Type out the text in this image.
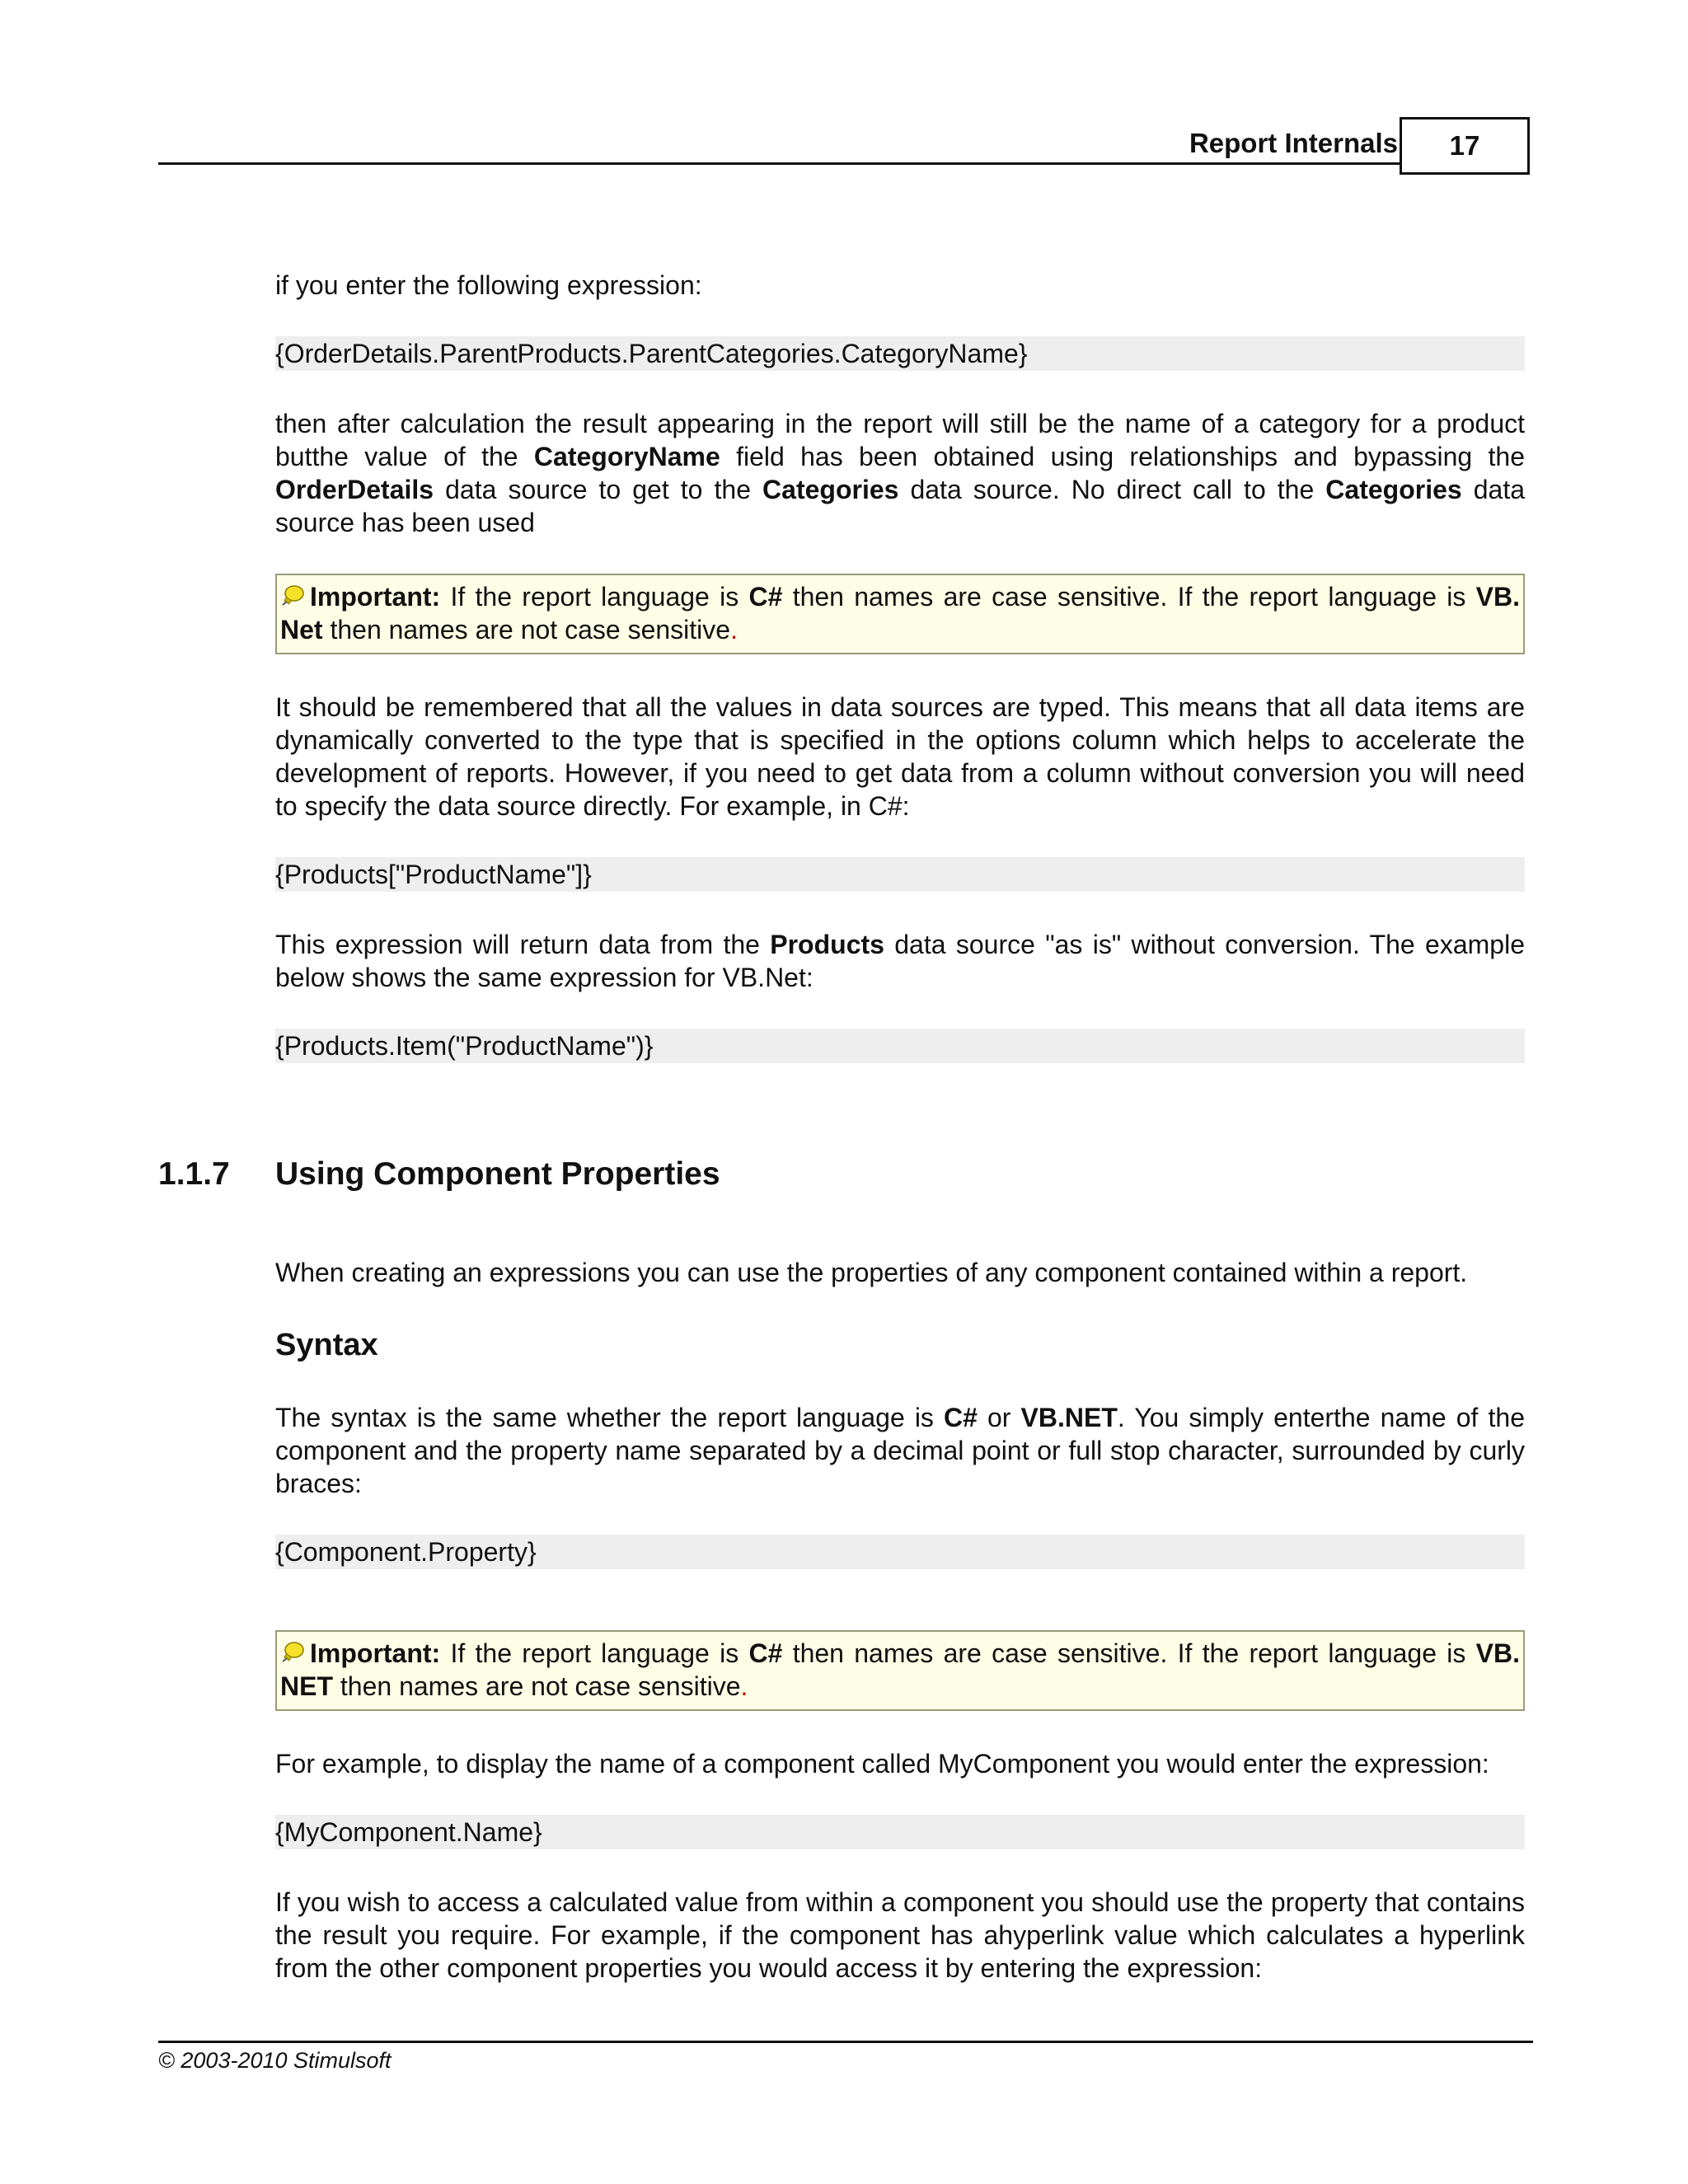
Report Internals	17

if you enter the following expression:

{OrderDetails.ParentProducts.ParentCategories.CategoryName}

then after calculation the result appearing in the report will still be the name of a category for a product butthe value of the CategoryName field has been obtained using relationships and bypassing the OrderDetails data source to get to the Categories data source. No direct call to the Categories data source has been used

Important: If the report language is C# then names are case sensitive. If the report language is VB. Net then names are not case sensitive.

It should be remembered that all the values in data sources are typed. This means that all data items are dynamically converted to the type that is specified in the options column which helps to accelerate the development of reports. However, if you need to get data from a column without conversion you will need to specify the data source directly. For example, in C#:

{Products["ProductName"]}

This expression will return data from the Products data source "as is" without conversion. The example below shows the same expression for VB.Net:

{Products.Item("ProductName")}
1.1.7 Using Component Properties

When creating an expressions you can use the properties of any component contained within a report.

Syntax

The syntax is the same whether the report language is C# or VB.NET. You simply enterthe name of the component and the property name separated by a decimal point or full stop character, surrounded by curly braces:

{Component.Property}
Important: If the report language is C# then names are case sensitive. If the report language is VB. NET then names are not case sensitive.

For example, to display the name of a component called MyComponent you would enter the expression:

{MyComponent.Name}

If you wish to access a calculated value from within a component you should use the property that contains the result you require. For example, if the component has ahyperlink value which calculates a hyperlink from the other component properties you would access it by entering the expression:

© 2003-2010 Stimulsoft
